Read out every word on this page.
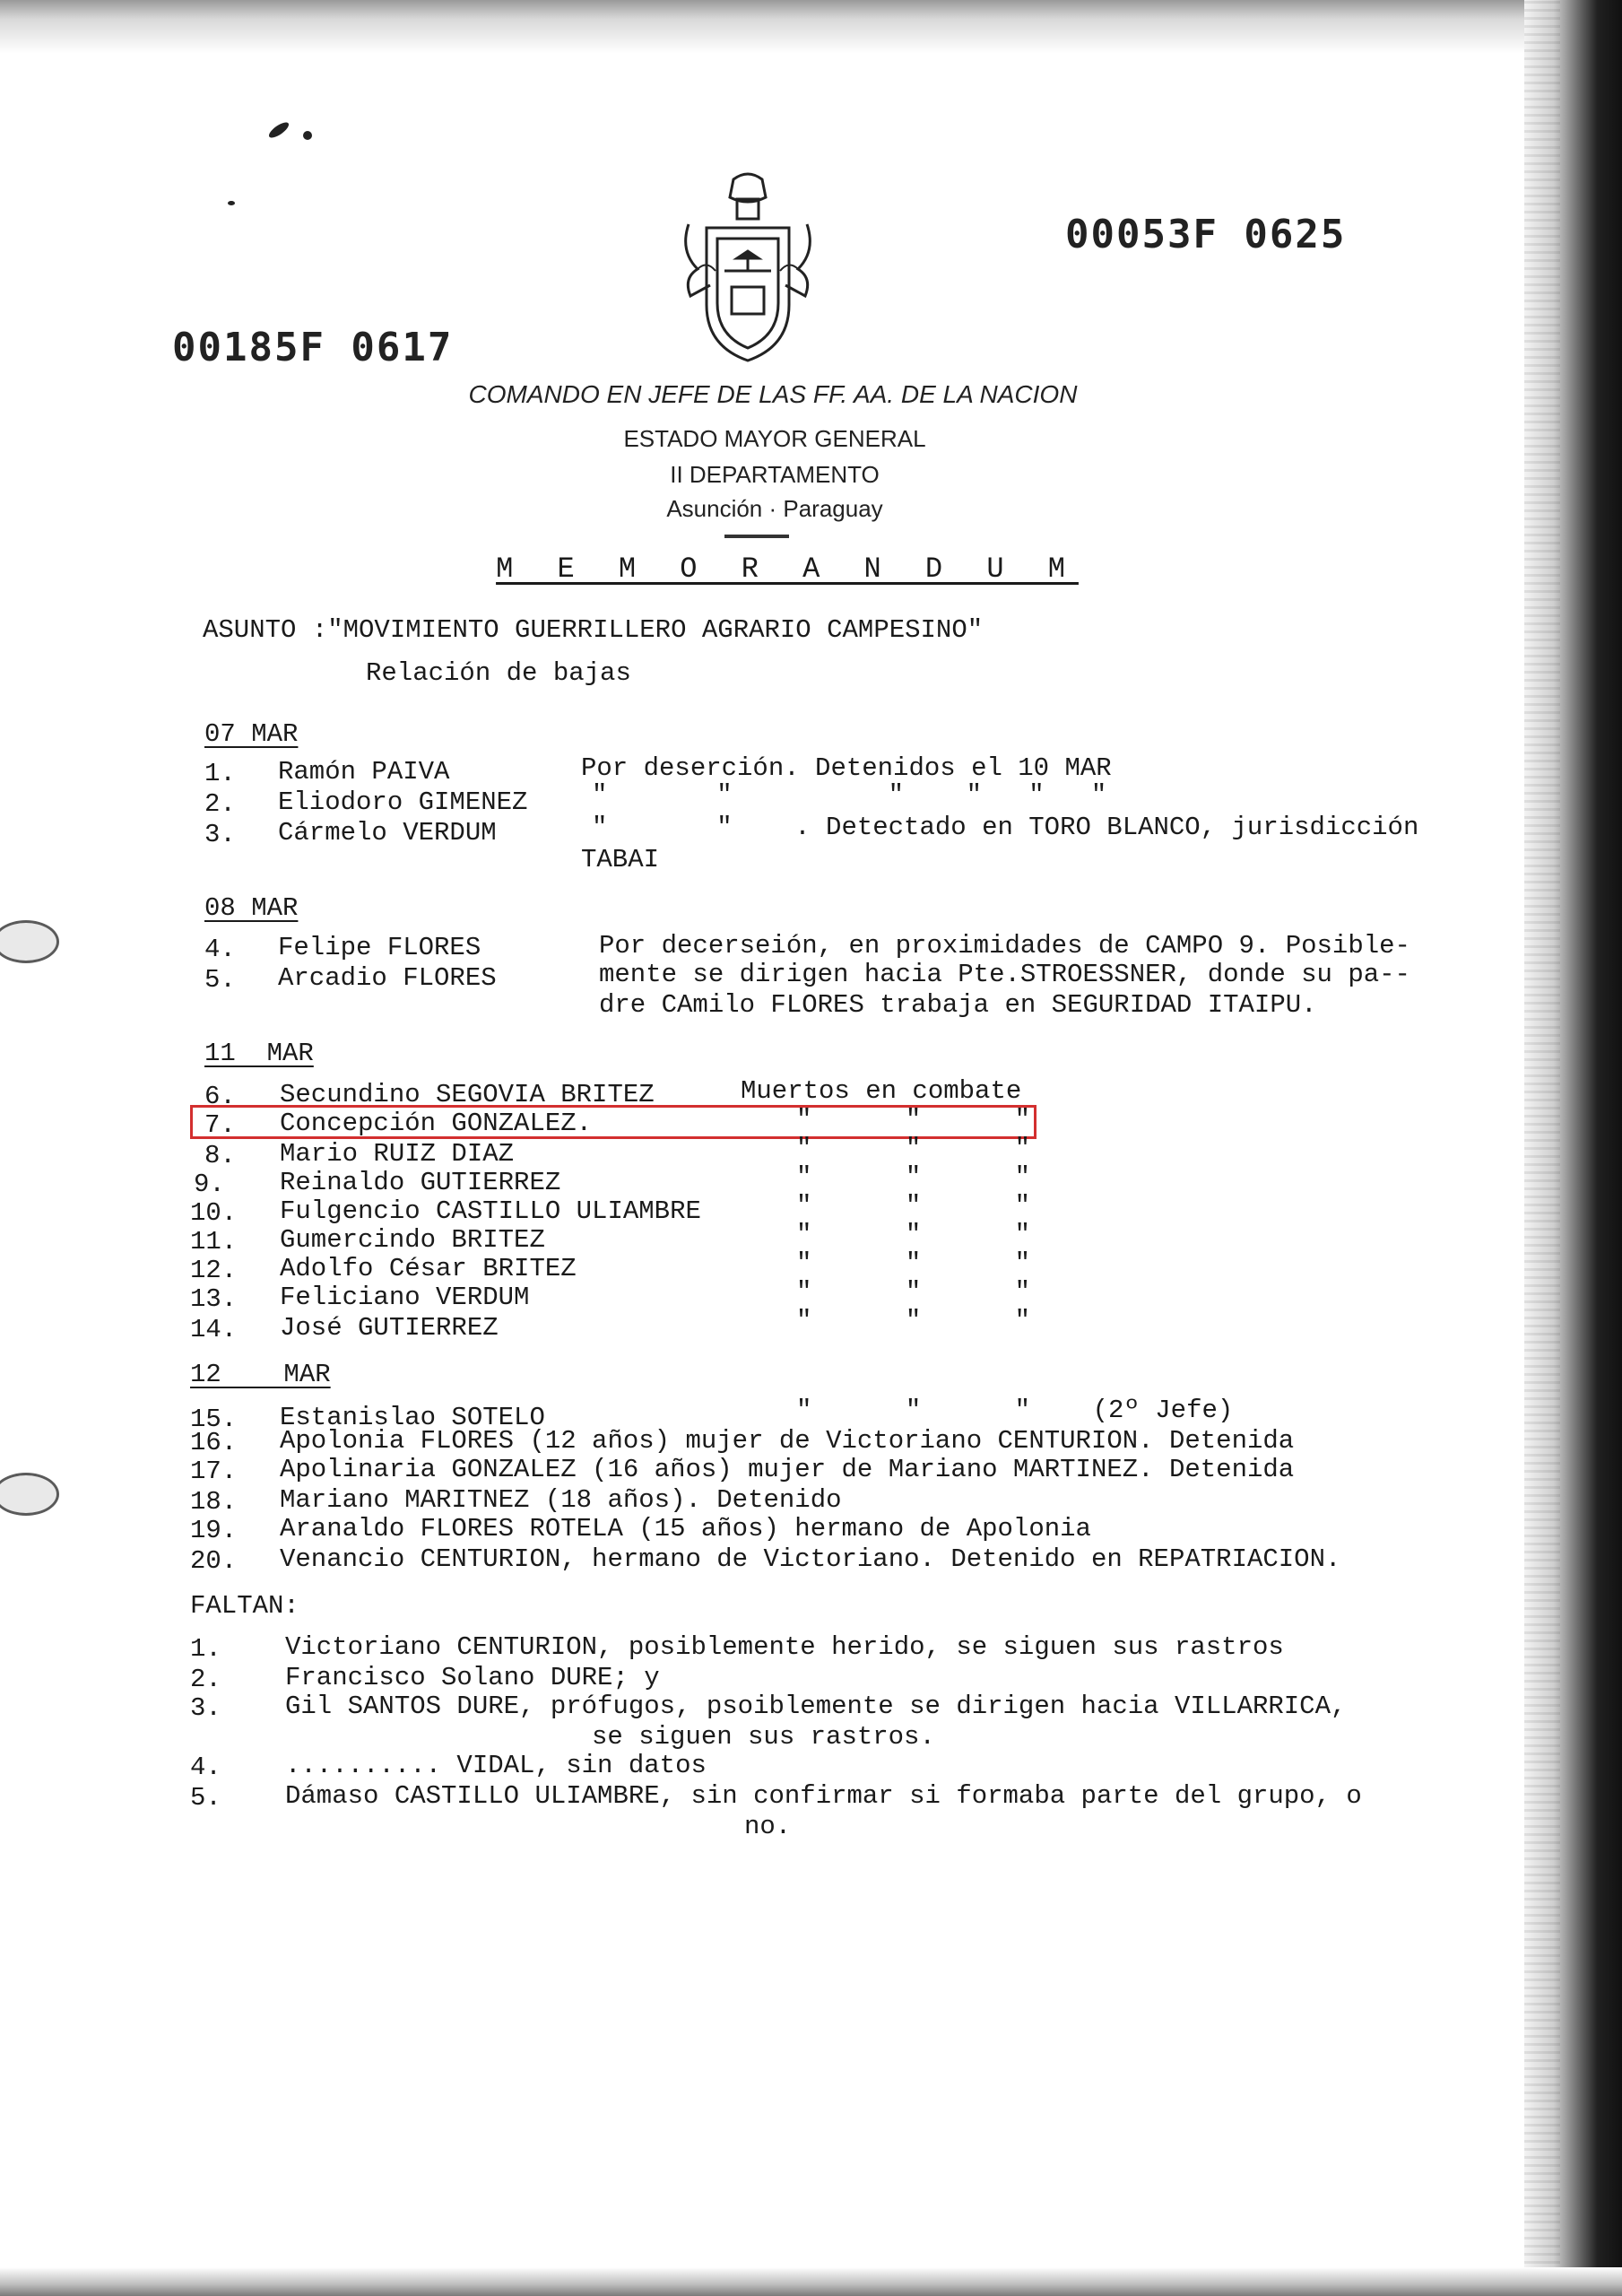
00053F 0625
00185F 0617
COMANDO EN JEFE DE LAS FF. AA. DE LA NACION
ESTADO MAYOR GENERAL
II DEPARTAMENTO
Asunción · Paraguay
M E M O R A N D U M
ASUNTO :"MOVIMIENTO GUERRILLERO AGRARIO CAMPESINO"
Relación de bajas
07 MAR
1. Ramón PAIVA	Por deserción. Detenidos el 10 MAR
2. Eliodoro GIMENEZ "       "          "    "   "   "
3. Cármelo VERDUM	"       "    . Detectado en TORO BLANCO, jurisdicción
TABAI
08 MAR
4. Felipe FLORES	Por decerseión, en proximidades de CAMPO 9. Posible-
5. Arcadio FLORES	mente se dirigen hacia Pte.STROESSNER, donde su pa--
dre CAmilo FLORES trabaja en SEGURIDAD ITAIPU.
11  MAR
6. Secundino SEGOVIA BRITEZ	Muertos en combate
7. Concepción GONZALEZ.	"      "      "
8. Mario RUIZ DIAZ	"      "      "
9. Reinaldo GUTIERREZ	"      "      "
10. Fulgencio CASTILLO ULIAMBRE	"      "      "
11. Gumercindo BRITEZ	"      "      "
12. Adolfo César BRITEZ	"      "      "
13. Feliciano VERDUM	"      "      "
14. José GUTIERREZ	"      "      "
12    MAR
15. Estanislao SOTELO	"      "      "    (2º Jefe)
16. Apolonia FLORES (12 años) mujer de Victoriano CENTURION. Detenida
17. Apolinaria GONZALEZ (16 años) mujer de Mariano MARTINEZ. Detenida
18. Mariano MARITNEZ (18 años). Detenido
19. Aranaldo FLORES ROTELA (15 años) hermano de Apolonia
20. Venancio CENTURION, hermano de Victoriano. Detenido en REPATRIACION.
FALTAN:
1. Victoriano CENTURION, posiblemente herido, se siguen sus rastros
2. Francisco Solano DURE; y
3. Gil SANTOS DURE, prófugos, psoiblemente se dirigen hacia VILLARRICA,
se siguen sus rastros.
4. .......... VIDAL, sin datos
5. Dámaso CASTILLO ULIAMBRE, sin confirmar si formaba parte del grupo, o
no.
